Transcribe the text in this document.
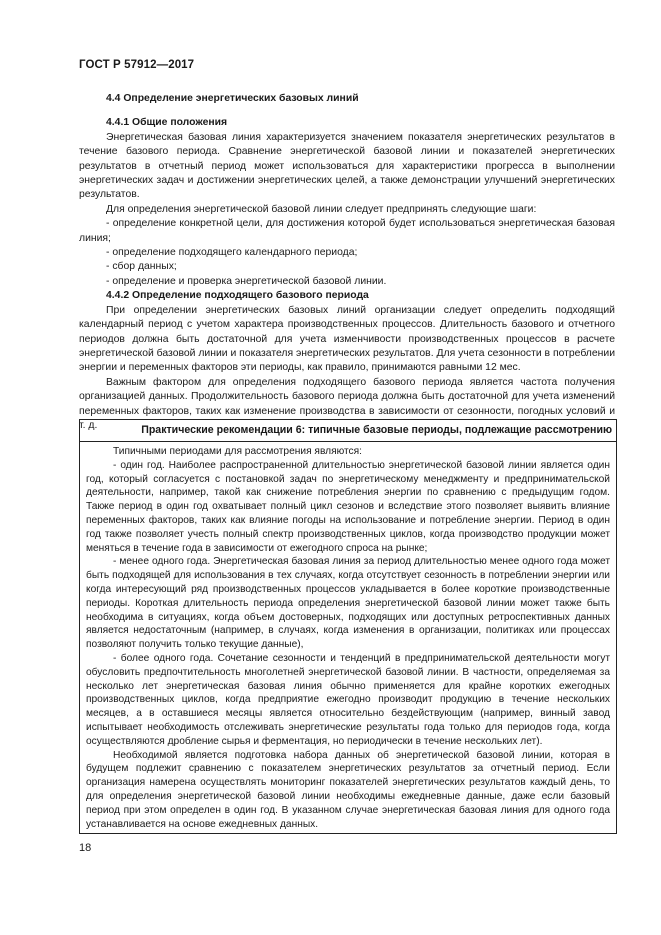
ГОСТ Р 57912—2017

4.4 Определение энергетических базовых линий

4.4.1 Общие положения

Энергетическая базовая линия характеризуется значением показателя энергетических результатов в течение базового периода. Сравнение энергетической базовой линии и показателей энергетических результатов в отчетный период может использоваться для характеристики прогресса в выполнении энергетических задач и достижении энергетических целей, а также демонстрации улучшений энергетических результатов.

Для определения энергетической базовой линии следует предпринять следующие шаги:

- определение конкретной цели, для достижения которой будет использоваться энергетическая базовая линия;

- определение подходящего календарного периода;

- сбор данных;

- определение и проверка энергетической базовой линии.

4.4.2 Определение подходящего базового периода

При определении энергетических базовых линий организации следует определить подходящий календарный период с учетом характера производственных процессов. Длительность базового и отчетного периодов должна быть достаточной для учета изменчивости производственных процессов в расчете энергетической базовой линии и показателя энергетических результатов. Для учета сезонности в потреблении энергии и переменных факторов эти периоды, как правило, принимаются равными 12 мес.

Важным фактором для определения подходящего базового периода является частота получения организацией данных. Продолжительность базового периода должна быть достаточной для учета изменений переменных факторов, таких как изменение производства в зависимости от сезонности, погодных условий и т. д.	Практические рекомендации 6: типичные базовые периоды, подлежащие рассмотрению

Типичными периодами для рассмотрения являются:

- один год. Наиболее распространенной длительностью энергетической базовой линии является один год, который согласуется с постановкой задач по энергетическому менеджменту и предпринимательской деятельности, например, такой как снижение потребления энергии по сравнению с предыдущим годом. Также период в один год охватывает полный цикл сезонов и вследствие этого позволяет выявить влияние переменных факторов, таких как влияние погоды на использование и потребление энергии. Период в один год также позволяет учесть полный спектр производственных циклов, когда производство продукции может меняться в течение года в зависимости от ежегодного спроса на рынке;

- менее одного года. Энергетическая базовая линия за период длительностью менее одного года может быть подходящей для использования в тех случаях, когда отсутствует сезонность в потреблении энергии или когда интересующий ряд производственных процессов укладывается в более короткие производственные периоды. Короткая длительность периода определения энергетической базовой линии может также быть необходима в ситуациях, когда объем достоверных, подходящих или доступных ретроспективных данных является недостаточным (например, в случаях, когда изменения в организации, политиках или процессах позволяют получить только текущие данные),

- более одного года. Сочетание сезонности и тенденций в предпринимательской деятельности могут обусловить предпочтительность многолетней энергетической базовой линии. В частности, определяемая за несколько лет энергетическая базовая линия обычно применяется для крайне коротких ежегодных производственных циклов, когда предприятие ежегодно производит продукцию в течение нескольких месяцев, а в оставшиеся месяцы является относительно бездействующим (например, винный завод испытывает необходимость отслеживать энергетические результаты года только для периодов года, когда осуществляются дробление сырья и ферментация, но периодически в течение нескольких лет).

Необходимой является подготовка набора данных об энергетической базовой линии, которая в будущем подлежит сравнению с показателем энергетических результатов за отчетный период. Если организация намерена осуществлять мониторинг показателей энергетических результатов каждый день, то для определения энергетической базовой линии необходимы ежедневные данные, даже если базовый период при этом определен в один год. В указанном случае энергетическая базовая линия для одного года устанавливается на основе ежедневных данных.

18
